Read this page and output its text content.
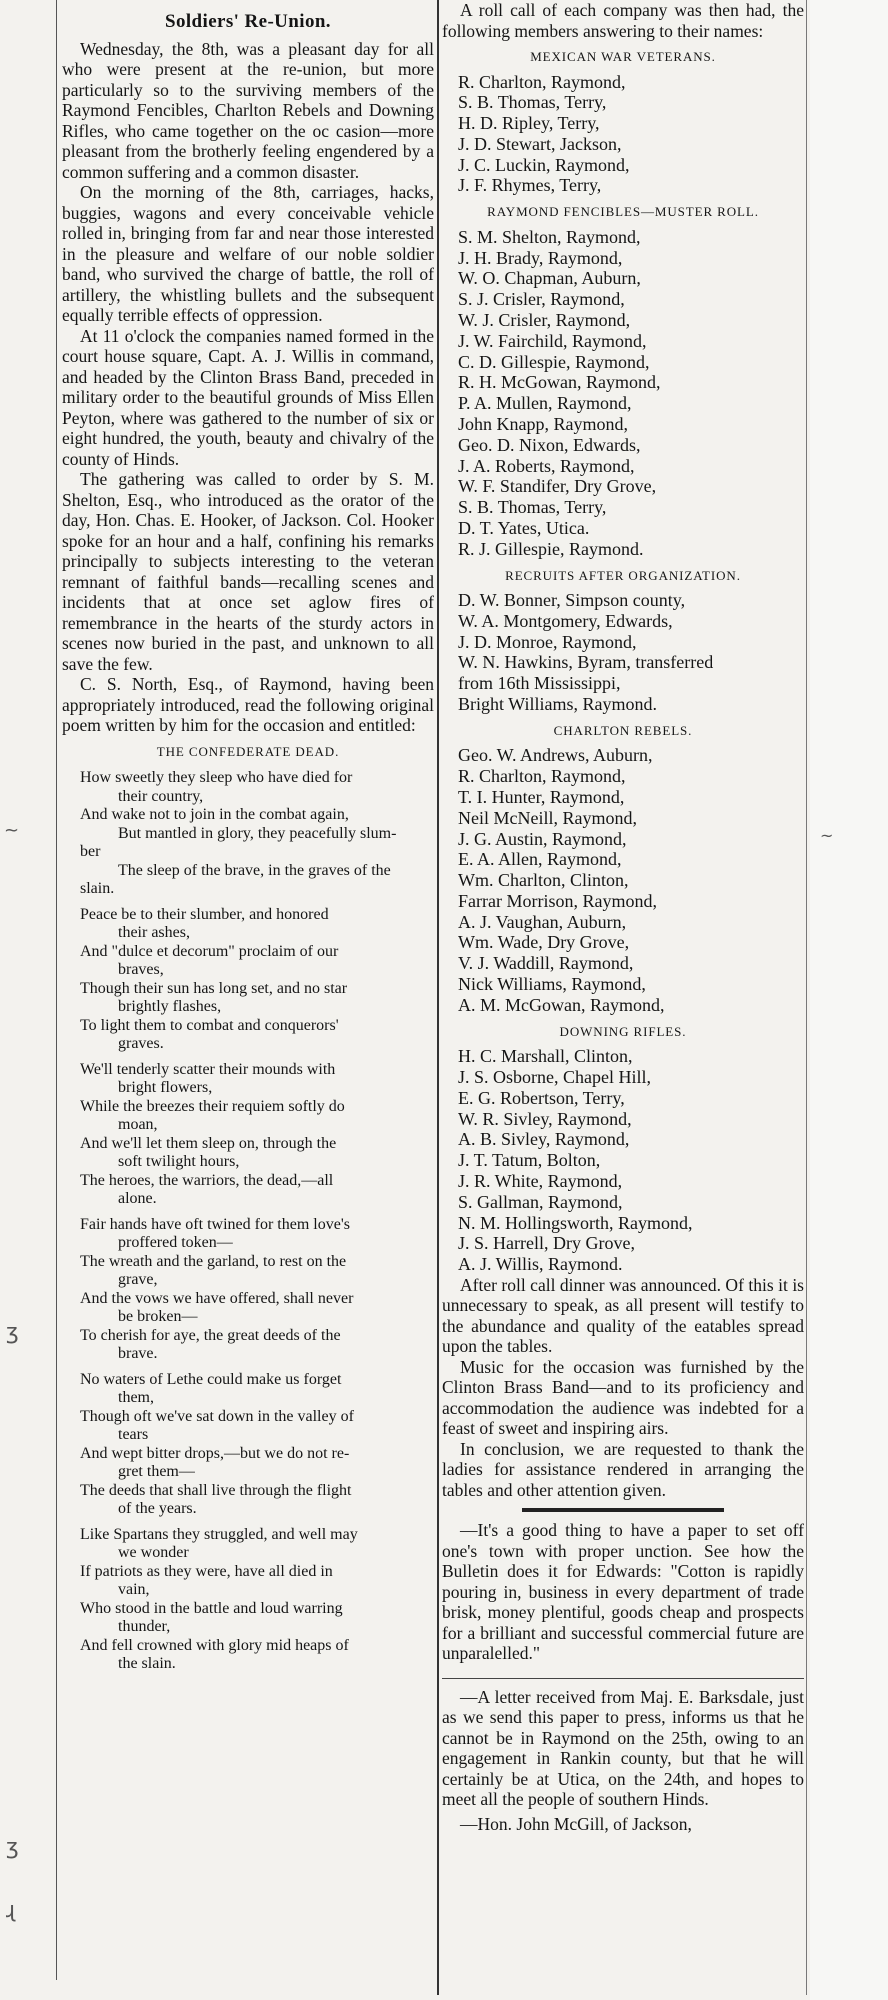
Soldiers' Re-Union.

Wednesday, the 8th, was a pleasant day for all who were present at the re-union, but more particularly so to the surviving members of the Raymond Fencibles, Charlton Rebels and Downing Rifles, who came together on the oc casion—more pleasant from the brotherly feeling engendered by a common suffering and a common disaster.

On the morning of the 8th, carriages, hacks, buggies, wagons and every conceivable vehicle rolled in, bringing from far and near those interested in the pleasure and welfare of our noble soldier band, who survived the charge of battle, the roll of artillery, the whistling bullets and the subsequent equally terrible effects of oppression.

At 11 o'clock the companies named formed in the court house square, Capt. A. J. Willis in command, and headed by the Clinton Brass Band, preceded in military order to the beautiful grounds of Miss Ellen Peyton, where was gathered to the number of six or eight hundred, the youth, beauty and chivalry of the county of Hinds.

The gathering was called to order by S. M. Shelton, Esq., who introduced as the orator of the day, Hon. Chas. E. Hooker, of Jackson. Col. Hooker spoke for an hour and a half, confining his remarks principally to subjects interesting to the veteran remnant of faithful bands—recalling scenes and incidents that at once set aglow fires of remembrance in the hearts of the sturdy actors in scenes now buried in the past, and unknown to all save the few.

C. S. North, Esq., of Raymond, having been appropriately introduced, read the following original poem written by him for the occasion and entitled:

THE CONFEDERATE DEAD.
How sweetly they sleep who have died for
their country,
And wake not to join in the combat again,
But mantled in glory, they peacefully slum-
ber
The sleep of the brave, in the graves of the
slain.
Peace be to their slumber, and honored
their ashes,
And "dulce et decorum" proclaim of our
braves,
Though their sun has long set, and no star
brightly flashes,
To light them to combat and conquerors'
graves.
We'll tenderly scatter their mounds with
bright flowers,
While the breezes their requiem softly do
moan,
And we'll let them sleep on, through the
soft twilight hours,
The heroes, the warriors, the dead,—all
alone.
Fair hands have oft twined for them love's
proffered token—
The wreath and the garland, to rest on the
grave,
And the vows we have offered, shall never
be broken—
To cherish for aye, the great deeds of the
brave.
No waters of Lethe could make us forget
them,
Though oft we've sat down in the valley of
tears
And wept bitter drops,—but we do not re-
gret them—
The deeds that shall live through the flight
of the years.
Like Spartans they struggled, and well may
we wonder
If patriots as they were, have all died in
vain,
Who stood in the battle and loud warring
thunder,
And fell crowned with glory mid heaps of
the slain.

A roll call of each company was then had, the following members answering to their names:

MEXICAN WAR VETERANS.
R. Charlton, Raymond,
S. B. Thomas, Terry,
H. D. Ripley, Terry,
J. D. Stewart, Jackson,
J. C. Luckin, Raymond,
J. F. Rhymes, Terry,
RAYMOND FENCIBLES—MUSTER ROLL.
S. M. Shelton, Raymond,
J. H. Brady, Raymond,
W. O. Chapman, Auburn,
S. J. Crisler, Raymond,
W. J. Crisler, Raymond,
J. W. Fairchild, Raymond,
C. D. Gillespie, Raymond,
R. H. McGowan, Raymond,
P. A. Mullen, Raymond,
John Knapp, Raymond,
Geo. D. Nixon, Edwards,
J. A. Roberts, Raymond,
W. F. Standifer, Dry Grove,
S. B. Thomas, Terry,
D. T. Yates, Utica.
R. J. Gillespie, Raymond.
RECRUITS AFTER ORGANIZATION.
D. W. Bonner, Simpson county,
W. A. Montgomery, Edwards,
J. D. Monroe, Raymond,
W. N. Hawkins, Byram, transferred
from 16th Mississippi,
Bright Williams, Raymond.
CHARLTON REBELS.
Geo. W. Andrews, Auburn,
R. Charlton, Raymond,
T. I. Hunter, Raymond,
Neil McNeill, Raymond,
J. G. Austin, Raymond,
E. A. Allen, Raymond,
Wm. Charlton, Clinton,
Farrar Morrison, Raymond,
A. J. Vaughan, Auburn,
Wm. Wade, Dry Grove,
V. J. Waddill, Raymond,
Nick Williams, Raymond,
A. M. McGowan, Raymond,
DOWNING RIFLES.
H. C. Marshall, Clinton,
J. S. Osborne, Chapel Hill,
E. G. Robertson, Terry,
W. R. Sivley, Raymond,
A. B. Sivley, Raymond,
J. T. Tatum, Bolton,
J. R. White, Raymond,
S. Gallman, Raymond,
N. M. Hollingsworth, Raymond,
J. S. Harrell, Dry Grove,
A. J. Willis, Raymond.

After roll call dinner was announced. Of this it is unnecessary to speak, as all present will testify to the abundance and quality of the eatables spread upon the tables.

Music for the occasion was furnished by the Clinton Brass Band—and to its proficiency and accommodation the audience was indebted for a feast of sweet and inspiring airs.

In conclusion, we are requested to thank the ladies for assistance rendered in arranging the tables and other attention given.

—It's a good thing to have a paper to set off one's town with proper unction. See how the Bulletin does it for Edwards: "Cotton is rapidly pouring in, business in every department of trade brisk, money plentiful, goods cheap and prospects for a brilliant and successful commercial future are unparalelled."

—A letter received from Maj. E. Barksdale, just as we send this paper to press, informs us that he cannot be in Raymond on the 25th, owing to an engagement in Rankin county, but that he will certainly be at Utica, on the 24th, and hopes to meet all the people of southern Hinds.

—Hon. John McGill, of Jackson,

~
ʒ
ʒ
ɻ
~
